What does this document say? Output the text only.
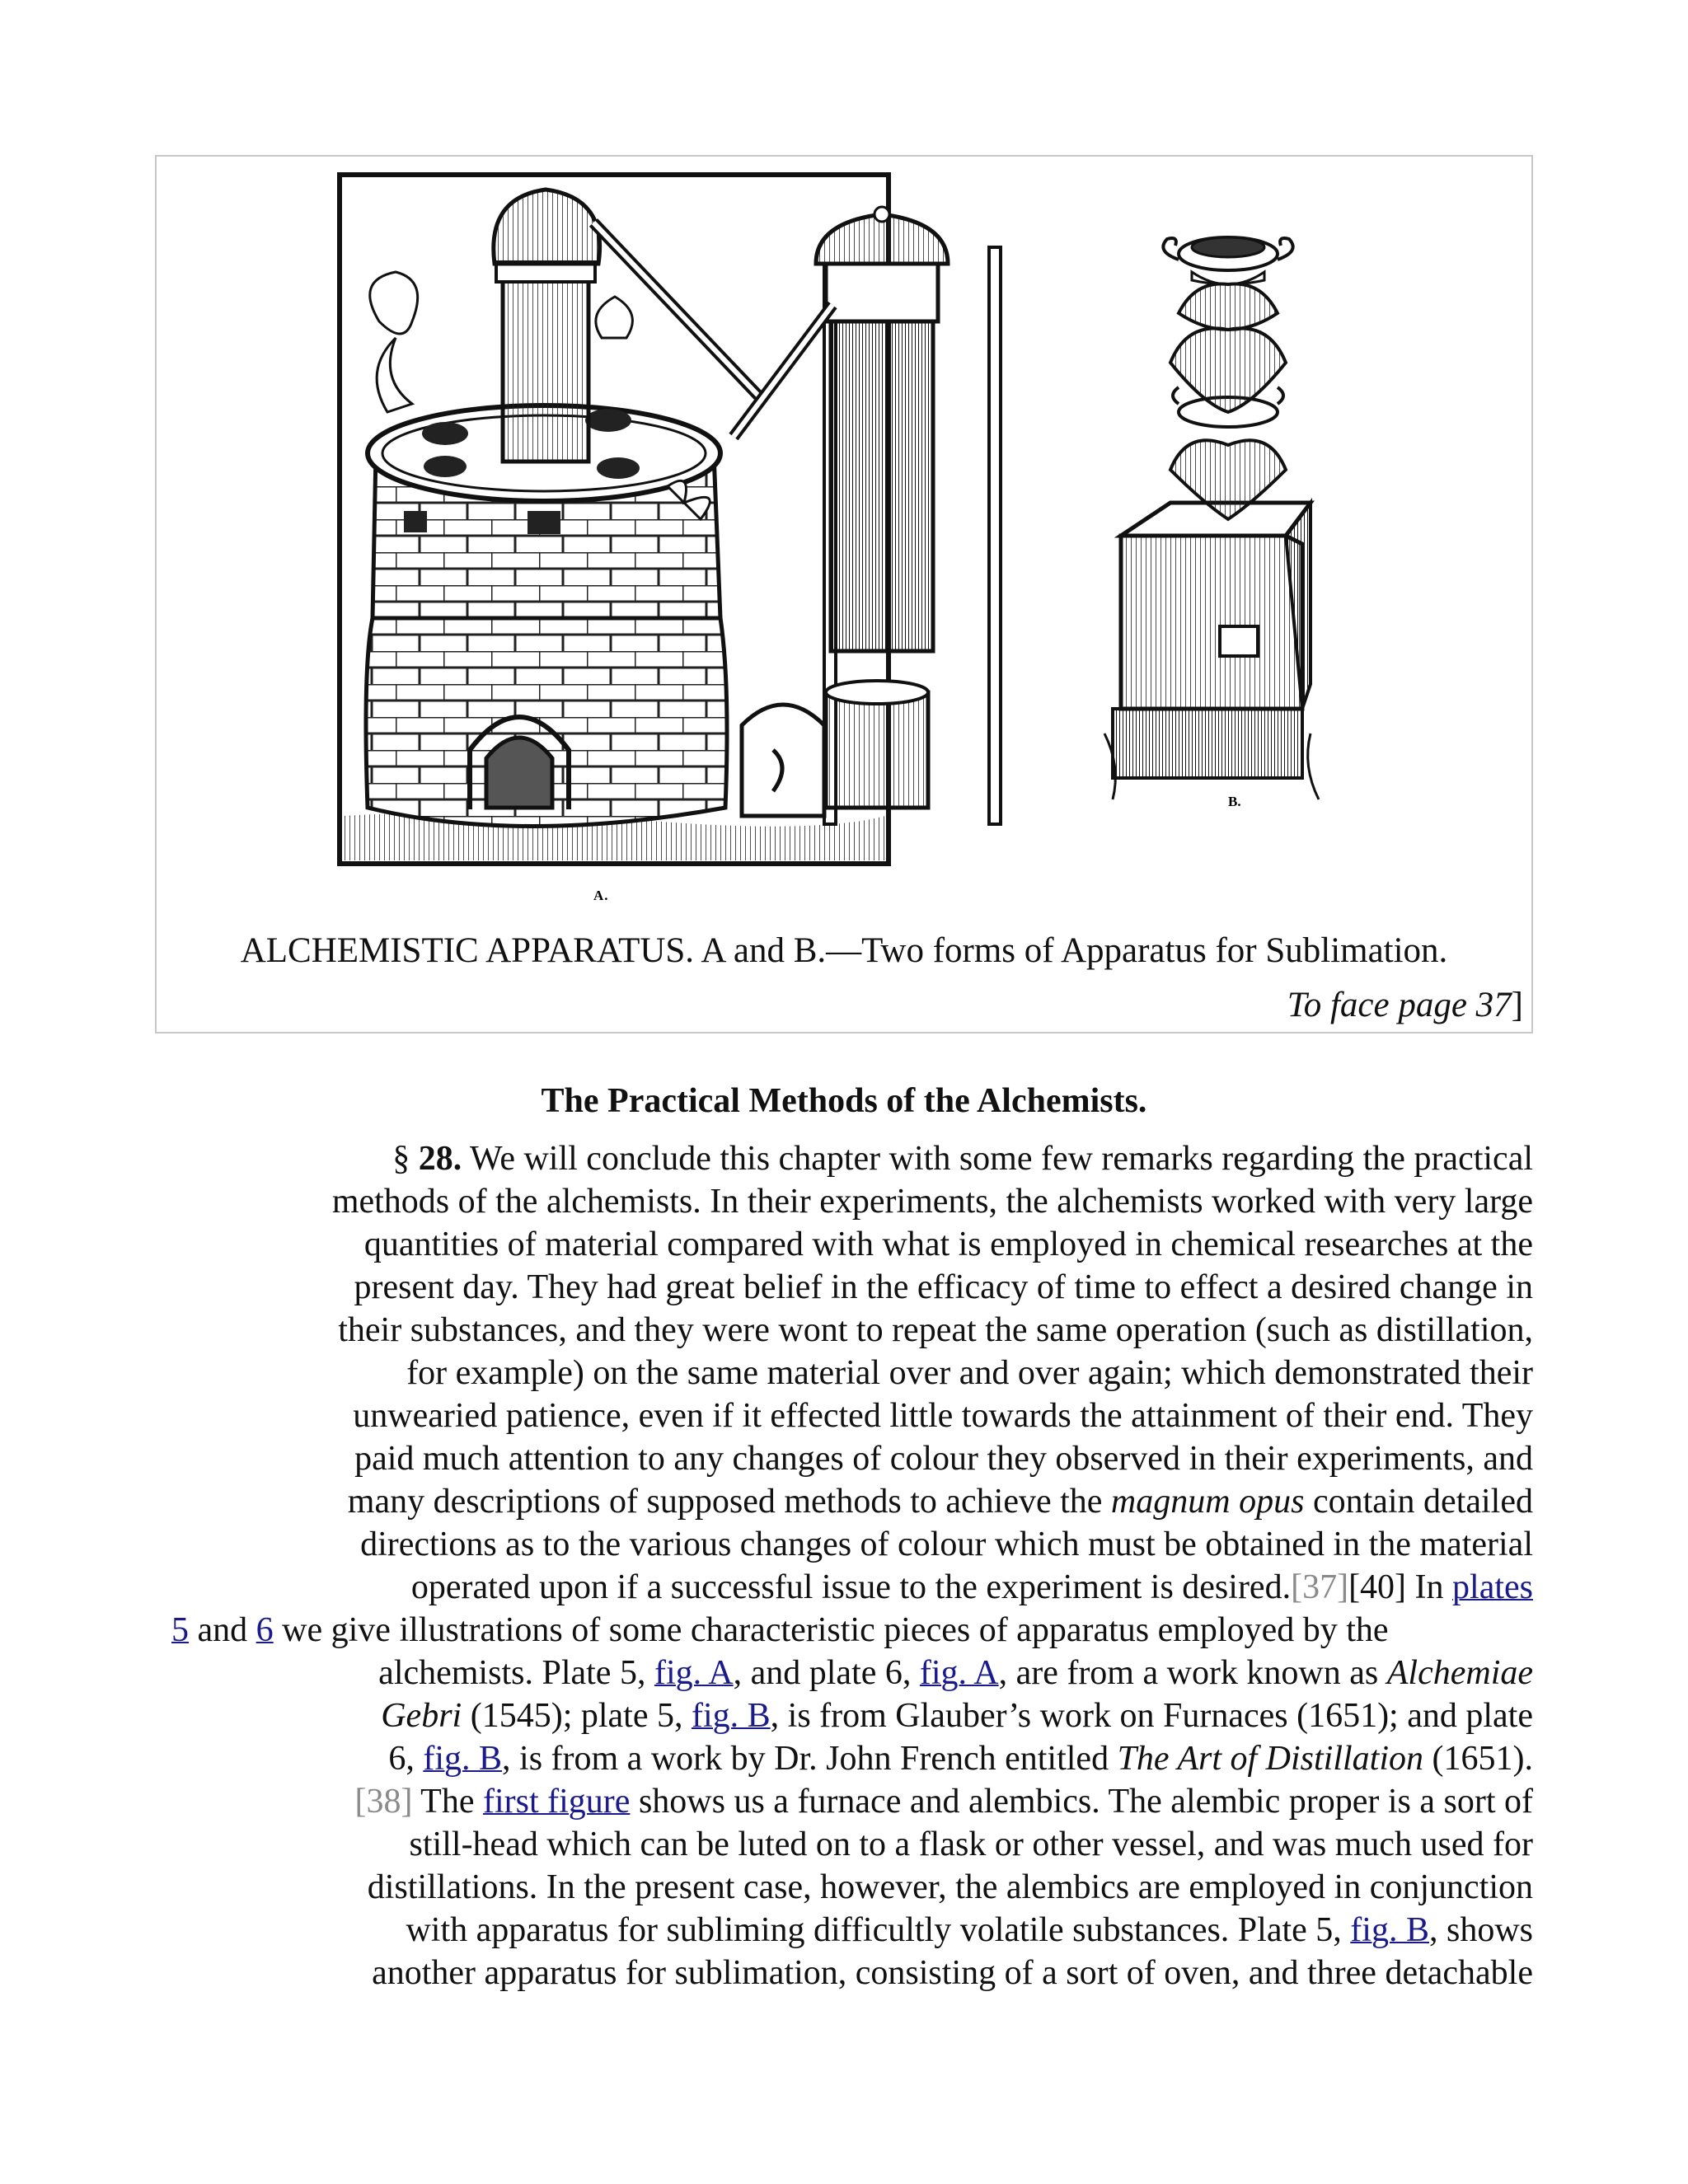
A.
B.
ALCHEMISTIC APPARATUS. A and B.—Two forms of Apparatus for Sublimation.
To face page 37]
The Practical Methods of the Alchemists.
§ 28. We will conclude this chapter with some few remarks regarding the practical
methods of the alchemists. In their experiments, the alchemists worked with very large
quantities of material compared with what is employed in chemical researches at the
present day. They had great belief in the efficacy of time to effect a desired change in
their substances, and they were wont to repeat the same operation (such as distillation,
for example) on the same material over and over again; which demonstrated their
unwearied patience, even if it effected little towards the attainment of their end. They
paid much attention to any changes of colour they observed in their experiments, and
many descriptions of supposed methods to achieve the magnum opus contain detailed
directions as to the various changes of colour which must be obtained in the material
operated upon if a successful issue to the experiment is desired.[37][40] In plates
5 and 6 we give illustrations of some characteristic pieces of apparatus employed by the
alchemists. Plate 5, fig. A, and plate 6, fig. A, are from a work known as Alchemiae
Gebri (1545); plate 5, fig. B, is from Glauber’s work on Furnaces (1651); and plate
6, fig. B, is from a work by Dr. John French entitled The Art of Distillation (1651).
[38] The first figure shows us a furnace and alembics. The alembic proper is a sort of
still-head which can be luted on to a flask or other vessel, and was much used for
distillations. In the present case, however, the alembics are employed in conjunction
with apparatus for subliming difficultly volatile substances. Plate 5, fig. B, shows
another apparatus for sublimation, consisting of a sort of oven, and three detachable
